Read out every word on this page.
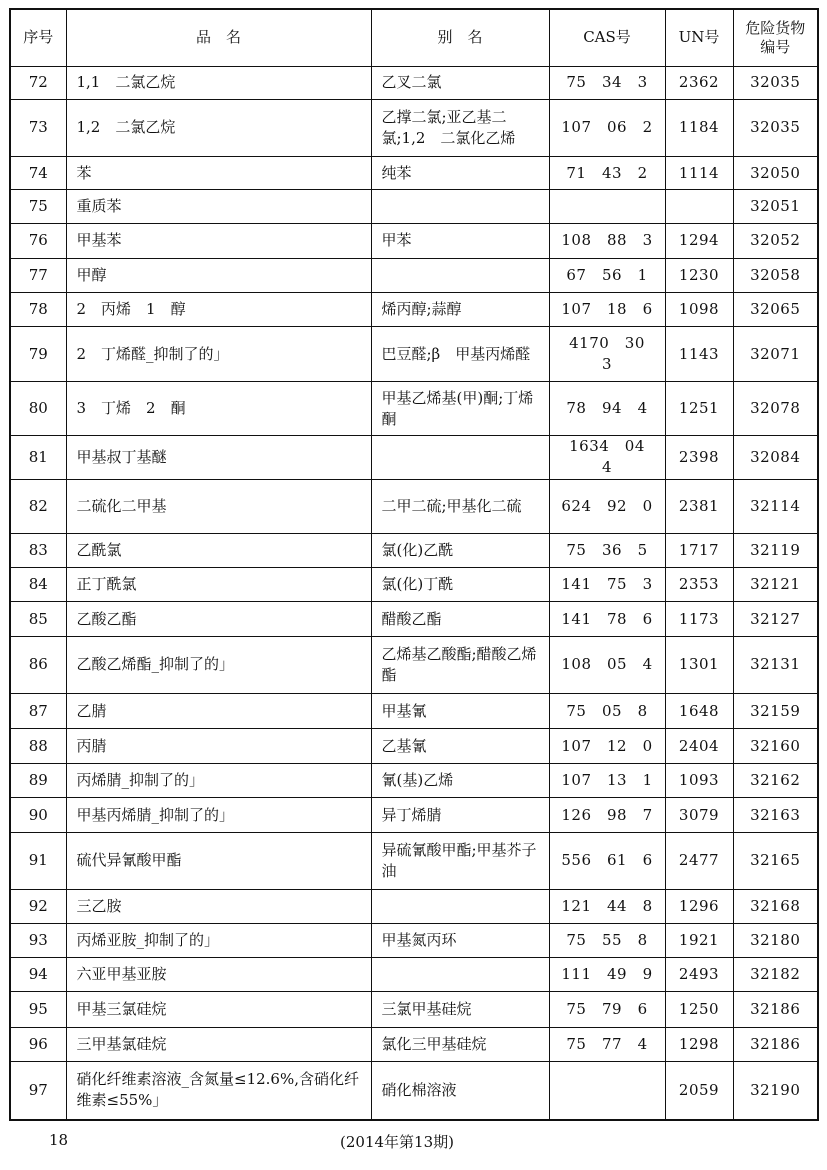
序号	品　名	别　名	CAS号	UN号	危险货物
编号
72	1,1　二氯乙烷	乙叉二氯	75　34　3	2362	32035
73	1,2　二氯乙烷	乙撑二氯;亚乙基二氯;1,2　二氯化乙烯	107　06　2	1184	32035
74	苯	纯苯	71　43　2	1114	32050
75	重质苯				32051
76	甲基苯	甲苯	108　88　3	1294	32052
77	甲醇		67　56　1	1230	32058
78	2　丙烯　1　醇	烯丙醇;蒜醇	107　18　6	1098	32065
79	2　丁烯醛_抑制了的」	巴豆醛;β　甲基丙烯醛	4170　30　3	1143	32071
80	3　丁烯　2　酮	甲基乙烯基(甲)酮;丁烯酮	78　94　4	1251	32078
81	甲基叔丁基醚		1634　04　4	2398	32084
82	二硫化二甲基	二甲二硫;甲基化二硫	624　92　0	2381	32114
83	乙酰氯	氯(化)乙酰	75　36　5	1717	32119
84	正丁酰氯	氯(化)丁酰	141　75　3	2353	32121
85	乙酸乙酯	醋酸乙酯	141　78　6	1173	32127
86	乙酸乙烯酯_抑制了的」	乙烯基乙酸酯;醋酸乙烯酯	108　05　4	1301	32131
87	乙腈	甲基氰	75　05　8	1648	32159
88	丙腈	乙基氰	107　12　0	2404	32160
89	丙烯腈_抑制了的」	氰(基)乙烯	107　13　1	1093	32162
90	甲基丙烯腈_抑制了的」	异丁烯腈	126　98　7	3079	32163
91	硫代异氰酸甲酯	异硫氰酸甲酯;甲基芥子油	556　61　6	2477	32165
92	三乙胺		121　44　8	1296	32168
93	丙烯亚胺_抑制了的」	甲基氮丙环	75　55　8	1921	32180
94	六亚甲基亚胺		111　49　9	2493	32182
95	甲基三氯硅烷	三氯甲基硅烷	75　79　6	1250	32186
96	三甲基氯硅烷	氯化三甲基硅烷	75　77　4	1298	32186
97	硝化纤维素溶液_含氮量≤12.6%,含硝化纤维素≤55%」	硝化棉溶液		2059	32190
18	(2014年第13期)
